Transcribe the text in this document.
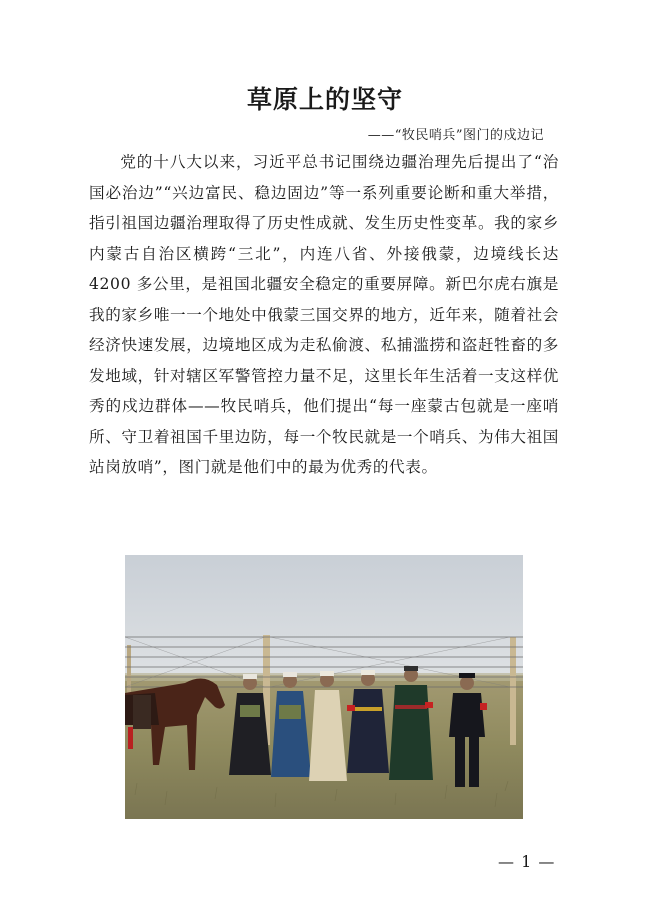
草原上的坚守
——“牧民哨兵”图门的戍边记

党的十八大以来，习近平总书记围绕边疆治理先后提出了“治国必治边”“兴边富民、稳边固边”等一系列重要论断和重大举措，指引祖国边疆治理取得了历史性成就、发生历史性变革。我的家乡内蒙古自治区横跨“三北”，内连八省、外接俄蒙，边境线长达 4200 多公里，是祖国北疆安全稳定的重要屏障。新巴尔虎右旗是我的家乡唯一一个地处中俄蒙三国交界的地方，近年来，随着社会经济快速发展，边境地区成为走私偷渡、私捕滥捞和盗赶牲畜的多发地域，针对辖区军警管控力量不足，这里长年生活着一支这样优秀的戍边群体——牧民哨兵，他们提出“每一座蒙古包就是一座哨所、守卫着祖国千里边防，每一个牧民就是一个哨兵、为伟大祖国站岗放哨”，图门就是他们中的最为优秀的代表。

— 1 —
